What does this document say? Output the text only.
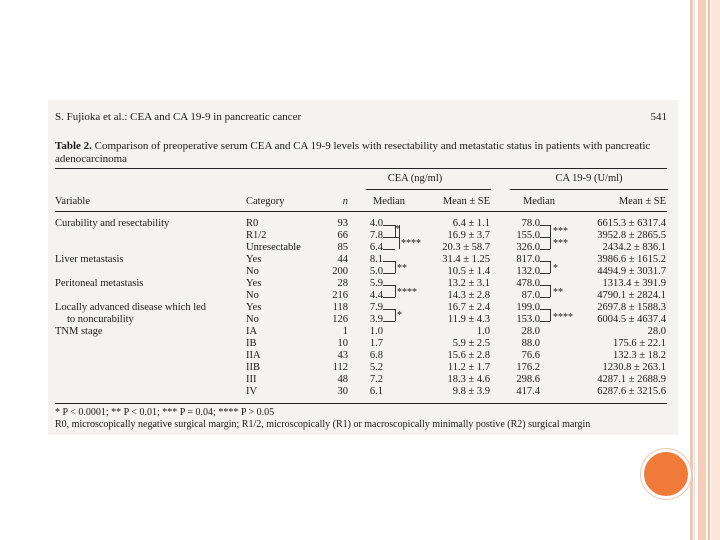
S. Fujioka et al.: CEA and CA 19-9 in pancreatic cancer	541
Table 2. Comparison of preoperative serum CEA and CA 19-9 levels with resectability and metastatic status in patients with pancreatic adenocarcinoma
CEA (ng/ml)	CA 19-9 (U/ml)
Variable	Category	n	Median	Mean ± SE	Median	Mean ± SE
Curability and resectability	R0	93	4.0	6.4 ± 1.1	78.0	6615.3 ± 6317.4
R1/2	66	7.8	16.9 ± 3.7	155.0	3952.8 ± 2865.5
Unresectable	85	6.4	20.3 ± 58.7	326.0	2434.2 ± 836.1
Liver metastasis	Yes	44	8.1	31.4 ± 1.25	817.0	3986.6 ± 1615.2
No	200	5.0	10.5 ± 1.4	132.0	4494.9 ± 3031.7
Peritoneal metastasis	Yes	28	5.9	13.2 ± 3.1	478.0	1313.4 ± 391.9
No	216	4.4	14.3 ± 2.8	87.0	4790.1 ± 2824.1
Locally advanced disease which led	Yes	118	7.9	16.7 ± 2.4	199.0	2697.8 ± 1588.3
to noncurability	No	126	3.9	11.9 ± 4.3	153.0	6004.5 ± 4637.4
TNM stage	IA	1	1.0	1.0	28.0	28.0
IB	10	1.7	5.9 ± 2.5	88.0	175.6 ± 22.1
IIA	43	6.8	15.6 ± 2.8	76.6	132.3 ± 18.2
IIB	112	5.2	11.2 ± 1.7	176.2	1230.8 ± 263.1
III	48	7.2	18.3 ± 4.6	298.6	4287.1 ± 2688.9
IV	30	6.1	9.8 ± 3.9	417.4	6287.6 ± 3215.6
*
****
**
****
*
***
***
*
**
****
* P < 0.0001; ** P < 0.01; *** P = 0.04; **** P > 0.05
R0, microscopically negative surgical margin; R1/2, microscopically (R1) or macroscopically minimally postive (R2) surgical margin
